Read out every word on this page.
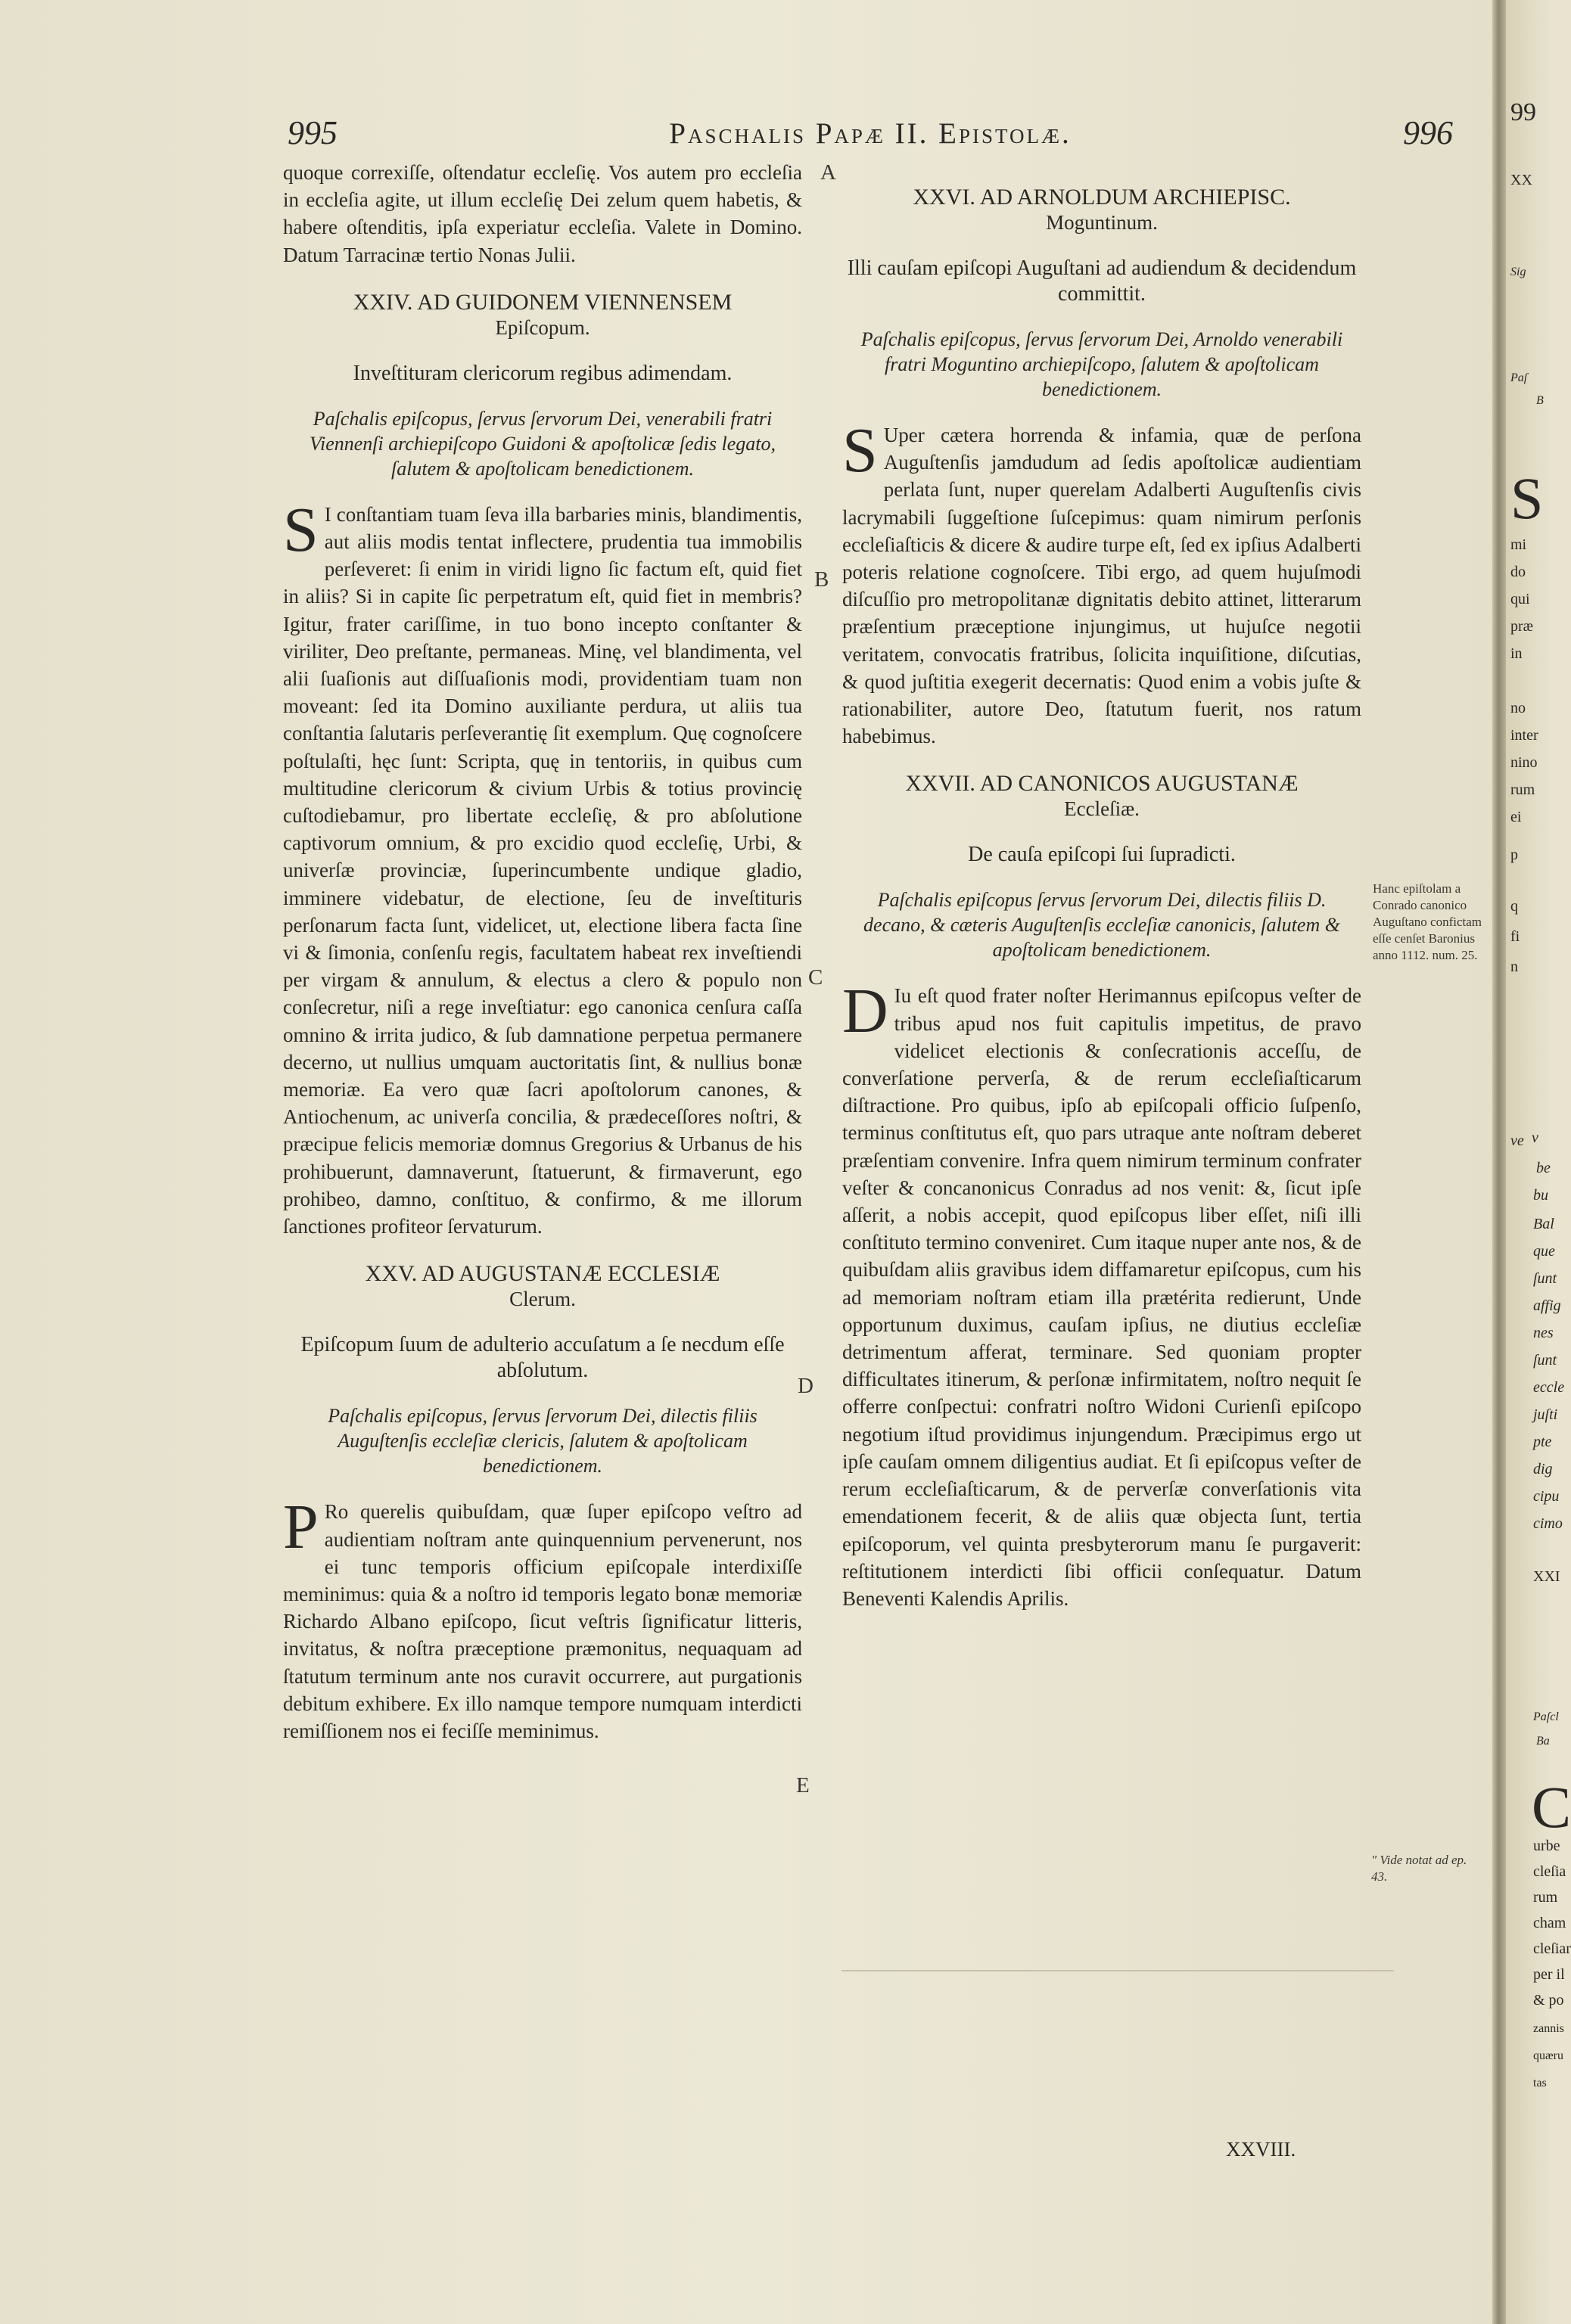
995	Paschalis Papæ II. Epistolæ.	996

quoque correxiſſe, oſtendatur eccleſię. Vos autem pro eccleſia in eccleſia agite, ut illum eccleſię Dei zelum quem habetis, & habere oſtenditis, ipſa experiatur eccleſia. Valete in Domino. Datum Tarracinæ tertio Nonas Julii.

XXIV. AD GUIDONEM VIENNENSEM
Epiſcopum.

Inveſtituram clericorum regibus adimendam.

Paſchalis epiſcopus, ſervus ſervorum Dei, venerabili fratri Viennenſi archiepiſcopo Guidoni & apoſtolicæ ſedis legato, ſalutem & apoſtolicam benedictionem.

S I conſtantiam tuam ſeva illa barbaries minis, blandimentis, aut aliis modis tentat inflectere, prudentia tua immobilis perſeveret: ſi enim in viridi ligno ſic factum eſt, quid fiet in aliis? Si in capite ſic perpetratum eſt, quid fiet in membris? Igitur, frater cariſſime, in tuo bono incepto conſtanter & viriliter, Deo preſtante, permaneas. Minę, vel blandimenta, vel alii ſuaſionis aut diſſuaſionis modi, providentiam tuam non moveant: ſed ita Domino auxiliante perdura, ut aliis tua conſtantia ſalutaris perſeverantię ſit exemplum. Quę cognoſcere poſtulaſti, hęc ſunt: Scripta, quę in tentoriis, in quibus cum multitudine clericorum & civium Urbis & totius provincię cuſtodiebamur, pro libertate eccleſię, & pro abſolutione captivorum omnium, & pro excidio quod eccleſię, Urbi, & univerſæ provinciæ, ſuperincumbente undique gladio, imminere videbatur, de electione, ſeu de inveſtituris perſonarum facta ſunt, videlicet, ut, electione libera facta ſine vi & ſimonia, conſenſu regis, facultatem habeat rex inveſtiendi per virgam & annulum, & electus a clero & populo non conſecretur, niſi a rege inveſtiatur: ego canonica cenſura caſſa omnino & irrita judico, & ſub damnatione perpetua permanere decerno, ut nullius umquam auctoritatis ſint, & nullius bonæ memoriæ. Ea vero quæ ſacri apoſtolorum canones, & Antiochenum, ac univerſa concilia, & prædeceſſores noſtri, & præcipue felicis memoriæ domnus Gregorius & Urbanus de his prohibuerunt, damnaverunt, ſtatuerunt, & firmaverunt, ego prohibeo, damno, conſtituo, & confirmo, & me illorum ſanctiones profiteor ſervaturum.

XXV. AD AUGUSTANÆ ECCLESIÆ
Clerum.

Epiſcopum ſuum de adulterio accuſatum a ſe necdum eſſe abſolutum.

Paſchalis epiſcopus, ſervus ſervorum Dei, dilectis filiis Auguſtenſis eccleſiæ clericis, ſalutem & apoſtolicam benedictionem.

P Ro querelis quibuſdam, quæ ſuper epiſcopo veſtro ad audientiam noſtram ante quinquennium pervenerunt, nos ei tunc temporis officium epiſcopale interdixiſſe meminimus: quia & a noſtro id temporis legato bonæ memoriæ Richardo Albano epiſcopo, ſicut veſtris ſignificatur litteris, invitatus, & noſtra præceptione præmonitus, nequaquam ad ſtatutum terminum ante nos curavit occurrere, aut purgationis debitum exhibere. Ex illo namque tempore numquam interdicti remiſſionem nos ei feciſſe meminimus.

XXVI. AD ARNOLDUM ARCHIEPISC.
Moguntinum.

Illi cauſam epiſcopi Auguſtani ad audiendum & decidendum committit.

Paſchalis epiſcopus, ſervus ſervorum Dei, Arnoldo venerabili fratri Moguntino archiepiſcopo, ſalutem & apoſtolicam benedictionem.

S Uper cætera horrenda & infamia, quæ de perſona Auguſtenſis jamdudum ad ſedis apoſtolicæ audientiam perlata ſunt, nuper querelam Adalberti Auguſtenſis civis lacrymabili ſuggeſtione ſuſcepimus: quam nimirum perſonis eccleſiaſticis & dicere & audire turpe eſt, ſed ex ipſius Adalberti poteris relatione cognoſcere. Tibi ergo, ad quem hujuſmodi diſcuſſio pro metropolitanæ dignitatis debito attinet, litterarum præſentium præceptione injungimus, ut hujuſce negotii veritatem, convocatis fratribus, ſolicita inquiſitione, diſcutias, & quod juſtitia exegerit decernatis: Quod enim a vobis juſte & rationabiliter, autore Deo, ſtatutum fuerit, nos ratum habebimus.

XXVII. AD CANONICOS AUGUSTANÆ
Eccleſiæ.

De cauſa epiſcopi ſui ſupradicti.

Paſchalis epiſcopus ſervus ſervorum Dei, dilectis filiis D. decano, & cæteris Auguſtenſis eccleſiæ canonicis, ſalutem & apoſtolicam benedictionem.

D Iu eſt quod frater noſter Herimannus epiſcopus veſter de tribus apud nos fuit capitulis impetitus, de pravo videlicet electionis & conſecrationis acceſſu, de converſatione perverſa, & de rerum eccleſiaſticarum diſtractione. Pro quibus, ipſo ab epiſcopali officio ſuſpenſo, terminus conſtitutus eſt, quo pars utraque ante noſtram deberet præſentiam convenire. Infra quem nimirum terminum confrater veſter & concanonicus Conradus ad nos venit: &, ſicut ipſe aſſerit, a nobis accepit, quod epiſcopus liber eſſet, niſi illi conſtituto termino conveniret. Cum itaque nuper ante nos, & de quibuſdam aliis gravibus idem diffamaretur epiſcopus, cum his ad memoriam noſtram etiam illa prætérita redierunt, Unde opportunum duximus, cauſam ipſius, ne diutius eccleſiæ detrimentum afferat, terminare. Sed quoniam propter difficultates itinerum, & perſonæ infirmitatem, noſtro nequit ſe offerre conſpectui: confratri noſtro Widoni Curienſi epiſcopo negotium iſtud providimus injungendum. Præcipimus ergo ut ipſe cauſam omnem diligentius audiat. Et ſi epiſcopus veſter de rerum eccleſiaſticarum, & de perverſæ converſationis vita emendationem fecerit, & de aliis quæ objecta ſunt, tertia epiſcoporum, vel quinta presbyterorum manu ſe purgaverit: reſtitutionem interdicti ſibi officii conſequatur. Datum Beneventi Kalendis Aprilis.

A
B
C
D
E
Hanc epiſtolam a Conrado canonico Auguſtano confictam eſſe cenſet Baronius anno 1112. num. 25.
" Vide notat ad ep. 43.
XXVIII.
99
XX
Sig
Paſ
B
S
mi
do
qui
præ
in
no
inter
nino
rum
ei
p
q
fi
n
ve v
be
bu
Bal
que
ſunt
affig
nes
ſunt
eccle
juſti
pte
dig
cipu
cimo
XXI
Paſcl
Ba
C
urbe
cleſia
rum
cham
cleſiar
per il
& po
zannis
quæru
tas
